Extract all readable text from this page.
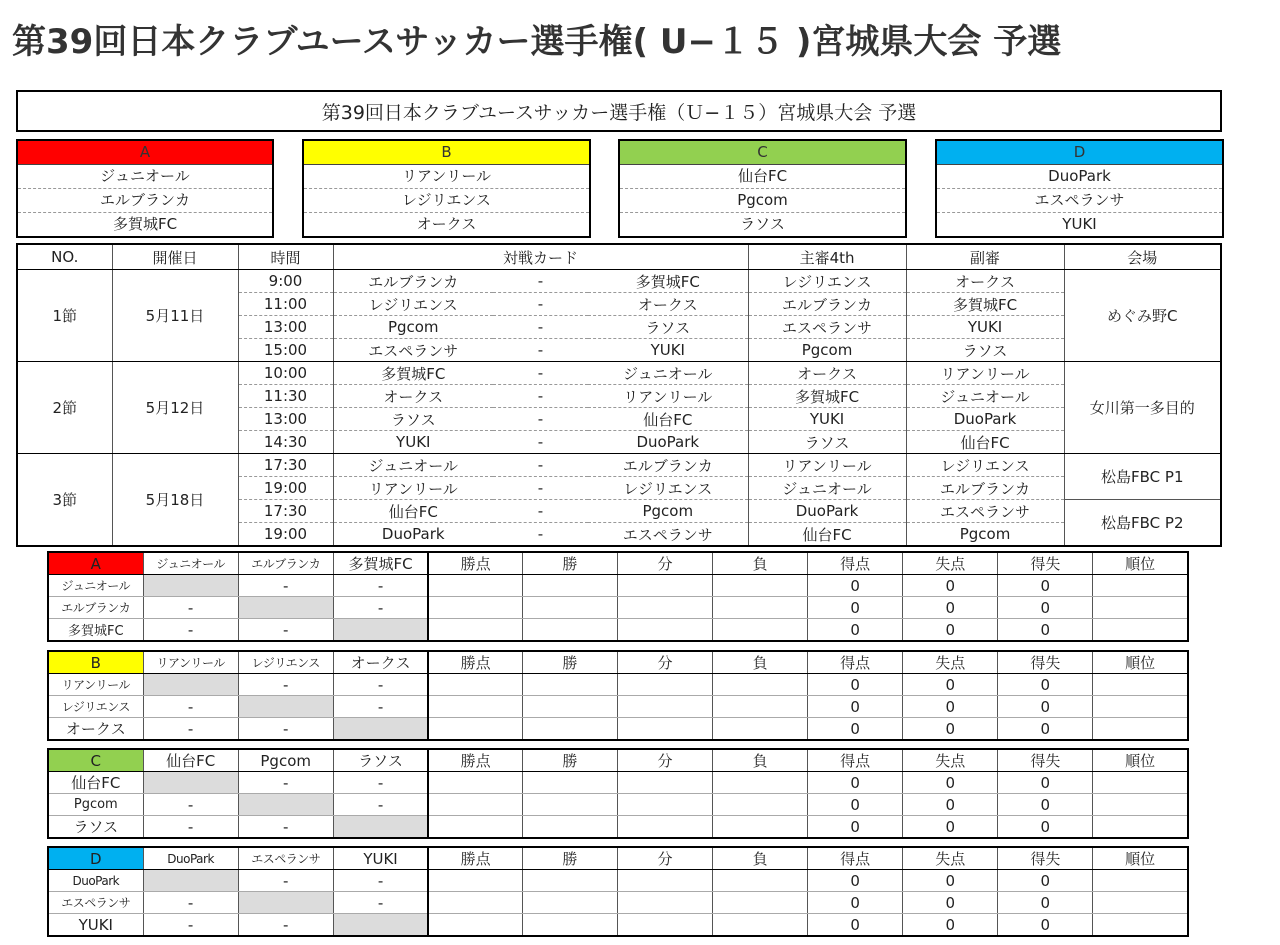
第39回日本クラブユースサッカー選手権( U−１５ )宮城県大会 予選
第39回日本クラブユースサッカー選手権（Ｕ−１５）宮城県大会 予選
A
ジュニオール
エルブランカ
多賀城FC
B
リアンリール
レジリエンス
オークス
C
仙台FC
Pgcom
ラソス
D
DuoPark
エスペランサ
YUKI
NO.	開催日	時間	対戦カード			主審4th	副審	会場
1節	5月11日	9:00	エルブランカ	-	多賀城FC	レジリエンス	オークス	めぐみ野C
		11:00	レジリエンス	-	オークス	エルブランカ	多賀城FC	
		13:00	Pgcom	-	ラソス	エスペランサ	YUKI	
		15:00	エスペランサ	-	YUKI	Pgcom	ラソス	
2節	5月12日	10:00	多賀城FC	-	ジュニオール	オークス	リアンリール	女川第一多目的
		11:30	オークス	-	リアンリール	多賀城FC	ジュニオール	
		13:00	ラソス	-	仙台FC	YUKI	DuoPark	
		14:30	YUKI	-	DuoPark	ラソス	仙台FC	
3節	5月18日	17:30	ジュニオール	-	エルブランカ	リアンリール	レジリエンス	松島FBC P1
		19:00	リアンリール	-	レジリエンス	ジュニオール	エルブランカ	
		17:30	仙台FC	-	Pgcom	DuoPark	エスペランサ	松島FBC P2
		19:00	DuoPark	-	エスペランサ	仙台FC	Pgcom	
A	ジュニオール	エルブランカ	多賀城FC	勝点	勝	分	負	得点	失点	得失	順位
ジュニオール		-	-					0	0	0	
エルブランカ	-		-					0	0	0	
多賀城FC	-	-						0	0	0	
B	リアンリール	レジリエンス	オークス	勝点	勝	分	負	得点	失点	得失	順位
リアンリール		-	-					0	0	0	
レジリエンス	-		-					0	0	0	
オークス	-	-						0	0	0	
C	仙台FC	Pgcom	ラソス	勝点	勝	分	負	得点	失点	得失	順位
仙台FC		-	-					0	0	0	
Pgcom	-		-					0	0	0	
ラソス	-	-						0	0	0	
D	DuoPark	エスペランサ	YUKI	勝点	勝	分	負	得点	失点	得失	順位
DuoPark		-	-					0	0	0	
エスペランサ	-		-					0	0	0	
YUKI	-	-						0	0	0	
